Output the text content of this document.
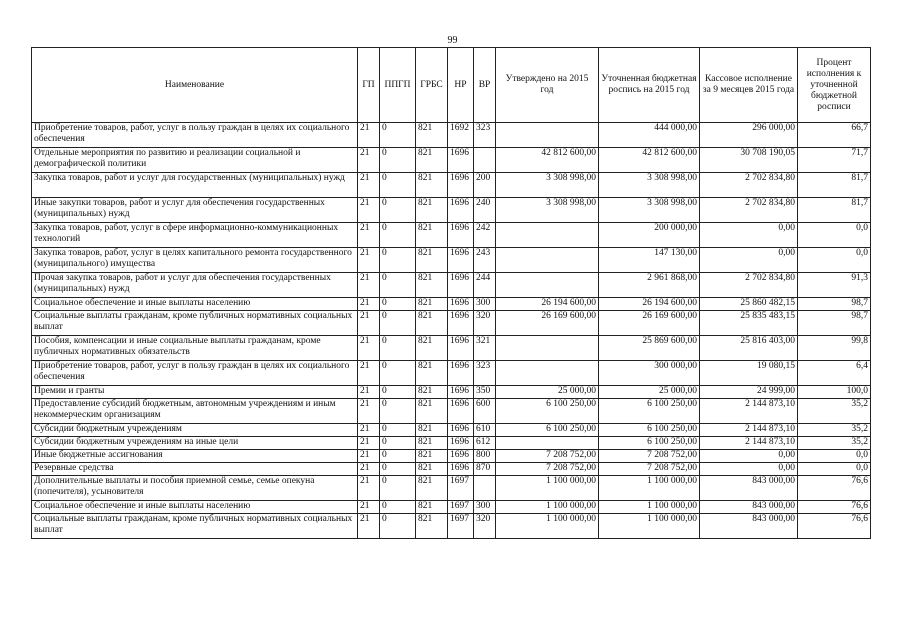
99
Наименование	ГП	ППГП	ГРБС	НР	ВР	Утверждено на 2015 год	Уточненная бюджетная роспись на 2015 год	Кассовое исполнение за 9 месяцев 2015 года	Процент исполнения к уточненной бюджетной росписи
Приобретение товаров, работ, услуг в пользу граждан в целях их социального обеспечения	21	0	821	1692	323		444 000,00	296 000,00	66,7
Отдельные мероприятия по развитию и реализации социальной и демографической политики	21	0	821	1696		42 812 600,00	42 812 600,00	30 708 190,05	71,7
Закупка товаров, работ и услуг для государственных (муниципальных) нужд	21	0	821	1696	200	3 308 998,00	3 308 998,00	2 702 834,80	81,7
Иные закупки товаров, работ и услуг для обеспечения государственных (муниципальных) нужд	21	0	821	1696	240	3 308 998,00	3 308 998,00	2 702 834,80	81,7
Закупка товаров, работ, услуг в сфере информационно-коммуникационных технологий	21	0	821	1696	242		200 000,00	0,00	0,0
Закупка товаров, работ, услуг в целях капитального ремонта государственного (муниципального) имущества	21	0	821	1696	243		147 130,00	0,00	0,0
Прочая закупка товаров, работ и услуг для обеспечения государственных (муниципальных) нужд	21	0	821	1696	244		2 961 868,00	2 702 834,80	91,3
Социальное обеспечение и иные выплаты населению	21	0	821	1696	300	26 194 600,00	26 194 600,00	25 860 482,15	98,7
Социальные выплаты гражданам, кроме публичных нормативных социальных выплат	21	0	821	1696	320	26 169 600,00	26 169 600,00	25 835 483,15	98,7
Пособия, компенсации и иные социальные выплаты гражданам, кроме публичных нормативных обязательств	21	0	821	1696	321		25 869 600,00	25 816 403,00	99,8
Приобретение товаров, работ, услуг в пользу граждан в целях их социального обеспечения	21	0	821	1696	323		300 000,00	19 080,15	6,4
Премии и гранты	21	0	821	1696	350	25 000,00	25 000,00	24 999,00	100,0
Предоставление субсидий бюджетным, автономным учреждениям и иным некоммерческим организациям	21	0	821	1696	600	6 100 250,00	6 100 250,00	2 144 873,10	35,2
Субсидии бюджетным учреждениям	21	0	821	1696	610	6 100 250,00	6 100 250,00	2 144 873,10	35,2
Субсидии бюджетным учреждениям на иные цели	21	0	821	1696	612		6 100 250,00	2 144 873,10	35,2
Иные бюджетные ассигнования	21	0	821	1696	800	7 208 752,00	7 208 752,00	0,00	0,0
Резервные средства	21	0	821	1696	870	7 208 752,00	7 208 752,00	0,00	0,0
Дополнительные выплаты и пособия приемной семье, семье опекуна (попечителя), усыновителя	21	0	821	1697		1 100 000,00	1 100 000,00	843 000,00	76,6
Социальное обеспечение и иные выплаты населению	21	0	821	1697	300	1 100 000,00	1 100 000,00	843 000,00	76,6
Социальные выплаты гражданам, кроме публичных нормативных социальных выплат	21	0	821	1697	320	1 100 000,00	1 100 000,00	843 000,00	76,6
